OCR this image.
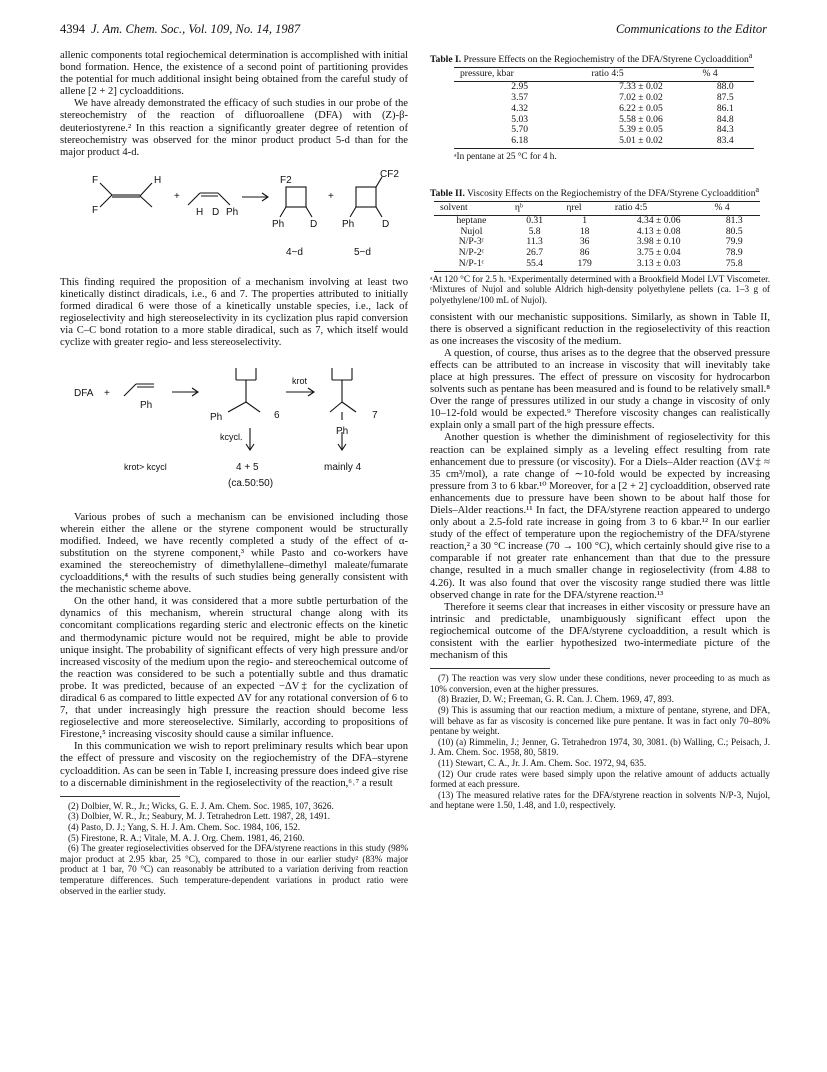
4394 J. Am. Chem. Soc., Vol. 109, No. 14, 1987	Communications to the Editor

allenic components total regiochemical determination is accomplished with initial bond formation. Hence, the existence of a second point of partitioning provides the potential for much additional insight being obtained from the careful study of allene [2 + 2] cycloadditions.

We have already demonstrated the efficacy of such studies in our probe of the stereochemistry of the reaction of difluoroallene (DFA) with (Z)-β-deuteriostyrene.² In this reaction a significantly greater degree of retention of stereochemistry was observed for the minor product product 5-d than for the major product 4-d.

F
F
H
+
H D Ph
F2
Ph	D
+
CF2
Ph	D
4−d	5−d

This finding required the proposition of a mechanism involving at least two kinetically distinct diradicals, i.e., 6 and 7. The properties attributed to initially formed diradical 6 were those of a kinetically unstable species, i.e., lack of regioselectivity and high stereoselectivity in its cyclization plus rapid conversion via C–C bond rotation to a more stable diradical, such as 7, which itself would cyclize with greater regio- and less stereoselectivity.

DFA +
Ph
Ph
krot
6	7
Ph
kcycl.
krot> kcycl	4 + 5
(ca.50:50)
mainly 4

Various probes of such a mechanism can be envisioned including those wherein either the allene or the styrene component would be structurally modified. Indeed, we have recently completed a study of the effect of α-substitution on the styrene component,³ while Pasto and co-workers have examined the stereochemistry of dimethylallene–dimethyl maleate/fumarate cycloadditions,⁴ with the results of such studies being generally consistent with the mechanistic scheme above.

On the other hand, it was considered that a more subtle perturbation of the dynamics of this mechanism, wherein structural change along with its concomitant complications regarding steric and electronic effects on the kinetic and thermodynamic picture would not be required, might be able to provide unique insight. The probability of significant effects of very high pressure and/or increased viscosity of the medium upon the regio- and stereochemical outcome of the reaction was considered to be such a potentially subtle and thus dramatic probe. It was predicted, because of an expected −ΔV‡ for the cyclization of diradical 6 as compared to little expected ΔV for any rotational conversion of 6 to 7, that under increasingly high pressure the reaction should become less regioselective and more stereoselective. Similarly, according to propositions of Firestone,⁵ increasing viscosity should cause a similar influence.

In this communication we wish to report preliminary results which bear upon the effect of pressure and viscosity on the regiochemistry of the DFA–styrene cycloaddition. As can be seen in Table I, increasing pressure does indeed give rise to a discernable diminishment in the regioselectivity of the reaction,⁶˒⁷ a result

(2) Dolbier, W. R., Jr.; Wicks, G. E. J. Am. Chem. Soc. 1985, 107, 3626.

(3) Dolbier, W. R., Jr.; Seabury, M. J. Tetrahedron Lett. 1987, 28, 1491.

(4) Pasto, D. J.; Yang, S. H. J. Am. Chem. Soc. 1984, 106, 152.

(5) Firestone, R. A.; Vitale, M. A. J. Org. Chem. 1981, 46, 2160.

(6) The greater regioselectivities observed for the DFA/styrene reactions in this study (98% major product at 2.95 kbar, 25 °C), compared to those in our earlier study² (83% major product at 1 bar, 70 °C) can reasonably be attributed to a variation deriving from reaction temperature differences. Such temperature-dependent variations in product ratio were observed in the earlier study.

Table I. Pressure Effects on the Regiochemistry of the DFA/Styrene Cycloaddition$^a$
pressure, kbar	ratio 4:5	% 4
2.95	7.33 ± 0.02	88.0
3.57	7.02 ± 0.02	87.5
4.32	6.22 ± 0.05	86.1
5.03	5.58 ± 0.06	84.8
5.70	5.39 ± 0.05	84.3
6.18	5.01 ± 0.02	83.4
ᵃIn pentane at 25 °C for 4 h.
Table II. Viscosity Effects on the Regiochemistry of the DFA/Styrene Cycloaddition$^a$
solvent	ηᵇ	ηrel	ratio 4:5	% 4
heptane	0.31	1	4.34 ± 0.06	81.3
Nujol	5.8	18	4.13 ± 0.08	80.5
N/P-3ᶜ	11.3	36	3.98 ± 0.10	79.9
N/P-2ᶜ	26.7	86	3.75 ± 0.04	78.9
N/P-1ᶜ	55.4	179	3.13 ± 0.03	75.8
ᵃAt 120 °C for 2.5 h. ᵇExperimentally determined with a Brookfield Model LVT Viscometer. ᶜMixtures of Nujol and soluble Aldrich high-density polyethylene pellets (ca. 1–3 g of polyethylene/100 mL of Nujol).

consistent with our mechanistic suppositions. Similarly, as shown in Table II, there is observed a significant reduction in the regioselectivity of this reaction as one increases the viscosity of the medium.

A question, of course, thus arises as to the degree that the observed pressure effects can be attributed to an increase in viscosity that will inevitably take place at high pressures. The effect of pressure on viscosity for hydrocarbon solvents such as pentane has been measured and is found to be relatively small.⁸ Over the range of pressures utilized in our study a change in viscosity of only 10–12-fold would be expected.⁹ Therefore viscosity changes can realistically explain only a small part of the high pressure effects.

Another question is whether the diminishment of regioselectivity for this reaction can be explained simply as a leveling effect resulting from rate enhancement due to pressure (or viscosity). For a Diels–Alder reaction (ΔV‡ ≈ 35 cm³/mol), a rate change of ∼10-fold would be expected by increasing pressure from 3 to 6 kbar.¹⁰ Moreover, for a [2 + 2] cycloaddition, observed rate enhancements due to pressure have been shown to be about half those for Diels–Alder reactions.¹¹ In fact, the DFA/styrene reaction appeared to undergo only about a 2.5-fold rate increase in going from 3 to 6 kbar.¹² In our earlier study of the effect of temperature upon the regiochemistry of the DFA/styrene reaction,² a 30 °C increase (70 → 100 °C), which certainly should give rise to a comparable if not greater rate enhancement than that due to the pressure change, resulted in a much smaller change in regioselectivity (from 4.88 to 4.26). It was also found that over the viscosity range studied there was little observed change in rate for the DFA/styrene reaction.¹³

Therefore it seems clear that increases in either viscosity or pressure have an intrinsic and predictable, unambiguously significant effect upon the regiochemical outcome of the DFA/styrene cycloaddition, a result which is consistent with the earlier hypothesized two-intermediate picture of the mechanism of this

(7) The reaction was very slow under these conditions, never proceeding to as much as 10% conversion, even at the higher pressures.

(8) Brazier, D. W.; Freeman, G. R. Can. J. Chem. 1969, 47, 893.

(9) This is assuming that our reaction medium, a mixture of pentane, styrene, and DFA, will behave as far as viscosity is concerned like pure pentane. It was in fact only 70–80% pentane by weight.

(10) (a) Rimmelin, J.; Jenner, G. Tetrahedron 1974, 30, 3081. (b) Walling, C.; Peisach, J. J. Am. Chem. Soc. 1958, 80, 5819.

(11) Stewart, C. A., Jr. J. Am. Chem. Soc. 1972, 94, 635.

(12) Our crude rates were based simply upon the relative amount of adducts actually formed at each pressure.

(13) The measured relative rates for the DFA/styrene reaction in solvents N/P-3, Nujol, and heptane were 1.50, 1.48, and 1.0, respectively.
